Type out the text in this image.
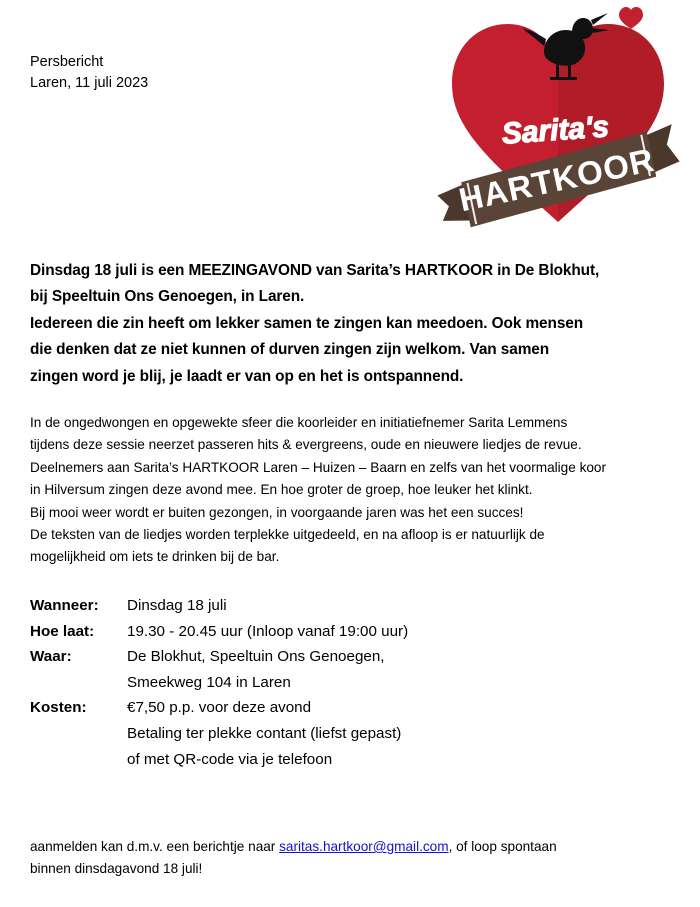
Persbericht
Laren, 11 juli 2023
Sarita's
HARTKOOR
Dinsdag 18 juli is een MEEZINGAVOND van Sarita’s HARTKOOR in De Blokhut,
bij Speeltuin Ons Genoegen, in Laren.
Iedereen die zin heeft om lekker samen te zingen kan meedoen. Ook mensen
die denken dat ze niet kunnen of durven zingen zijn welkom. Van samen
zingen word je blij, je laadt er van op en het is ontspannend.
In de ongedwongen en opgewekte sfeer die koorleider en initiatiefnemer Sarita Lemmens
tijdens deze sessie neerzet passeren hits & evergreens, oude en nieuwere liedjes de revue.
Deelnemers aan Sarita’s HARTKOOR Laren – Huizen – Baarn en zelfs van het voormalige koor
in Hilversum zingen deze avond mee. En hoe groter de groep, hoe leuker het klinkt.
Bij mooi weer wordt er buiten gezongen, in voorgaande jaren was het een succes!
De teksten van de liedjes worden terplekke uitgedeeld, en na afloop is er natuurlijk de
mogelijkheid om iets te drinken bij de bar.
Wanneer:	Dinsdag 18 juli
Hoe laat:	19.30 - 20.45 uur (Inloop vanaf 19:00 uur)
Waar:	De Blokhut, Speeltuin Ons Genoegen,
	Smeekweg 104 in Laren
Kosten:	€7,50 p.p. voor deze avond
	Betaling ter plekke contant (liefst gepast)
	of met QR-code via je telefoon
aanmelden kan d.m.v. een berichtje naar saritas.hartkoor@gmail.com, of loop spontaan
binnen dinsdagavond 18 juli!
